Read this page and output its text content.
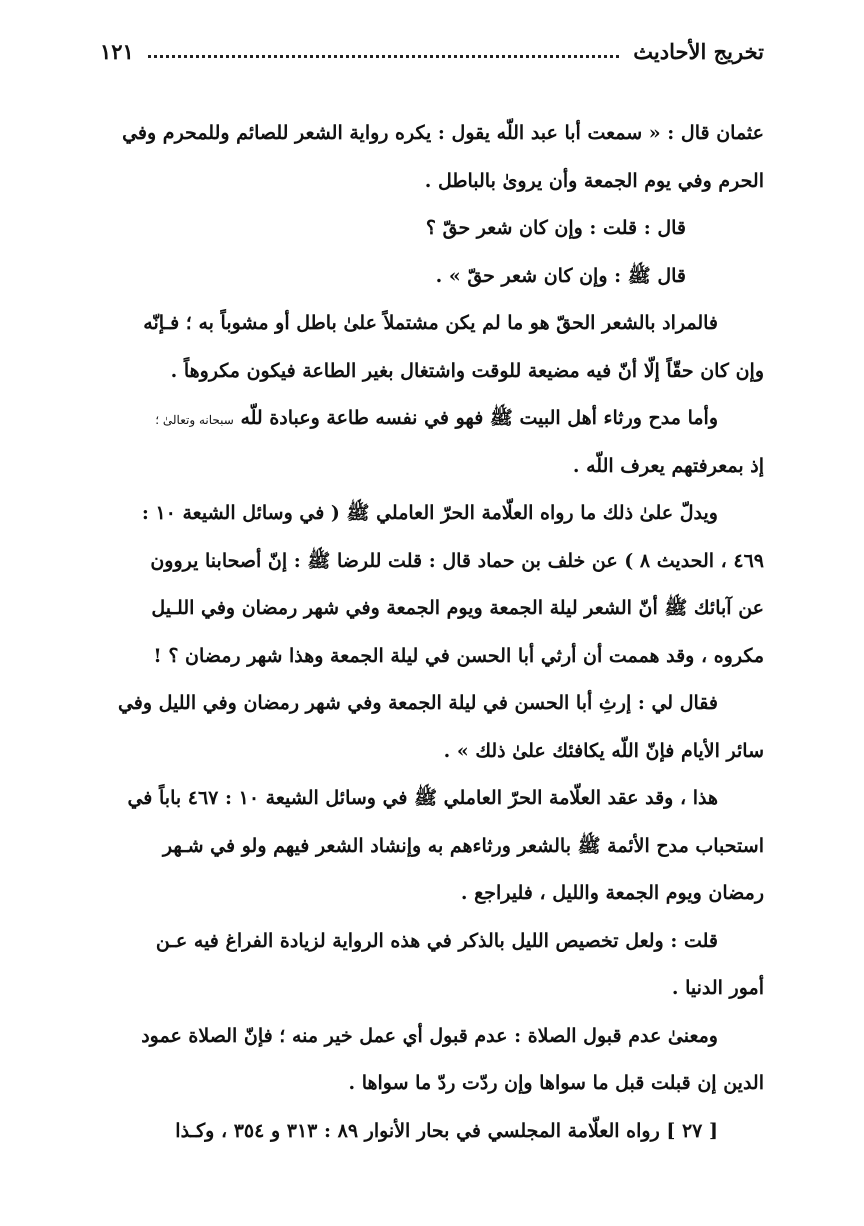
تخريج الأحاديث
١٢١
عثمان قال : « سمعت أبا عبد اللّه يقول : يكره رواية الشعر للصائم وللمحرم وفي
الحرم وفي يوم الجمعة وأن يروىٰ بالباطل .
قال : قلت : وإن كان شعر حقّ ؟
قال ﷺ : وإن كان شعر حقّ » .
فالمراد بالشعر الحقّ هو ما لم يكن مشتملاً علىٰ باطل أو مشوباً به ؛ فـإنّه
وإن كان حقّاً إلّا أنّ فيه مضيعة للوقت واشتغال بغير الطاعة فيكون مكروهاً .
وأما مدح ورثاء أهل البيت ﷺ فهو في نفسه طاعة وعبادة للّه سبحانه وتعالىٰ ؛
إذ بمعرفتهم يعرف اللّه .
ويدلّ علىٰ ذلك ما رواه العلّامة الحرّ العاملي ﷺ ( في وسائل الشيعة ١٠ :
٤٦٩ ، الحديث ٨ ) عن خلف بن حماد قال : قلت للرضا ﷺ : إنّ أصحابنا يروون
عن آبائك ﷺ أنّ الشعر ليلة الجمعة ويوم الجمعة وفي شهر رمضان وفي اللـيل
مكروه ، وقد هممت أن أرثي أبا الحسن في ليلة الجمعة وهذا شهر رمضان ؟ !
فقال لي : إرثِ أبا الحسن في ليلة الجمعة وفي شهر رمضان وفي الليل وفي
سائر الأيام فإنّ اللّه يكافئك علىٰ ذلك » .
هذا ، وقد عقد العلّامة الحرّ العاملي ﷺ في وسائل الشيعة ١٠ : ٤٦٧ باباً في
استحباب مدح الأئمة ﷺ بالشعر ورثاءهم به وإنشاد الشعر فيهم ولو في شـهر
رمضان ويوم الجمعة والليل ، فليراجع .
قلت : ولعل تخصيص الليل بالذكر في هذه الرواية لزيادة الفراغ فيه عـن
أمور الدنيا .
ومعنىٰ عدم قبول الصلاة : عدم قبول أي عمل خير منه ؛ فإنّ الصلاة عمود
الدين إن قبلت قبل ما سواها وإن ردّت ردّ ما سواها .
[ ٢٧ ] رواه العلّامة المجلسي في بحار الأنوار ٨٩ : ٣١٣ و ٣٥٤ ، وكـذا
